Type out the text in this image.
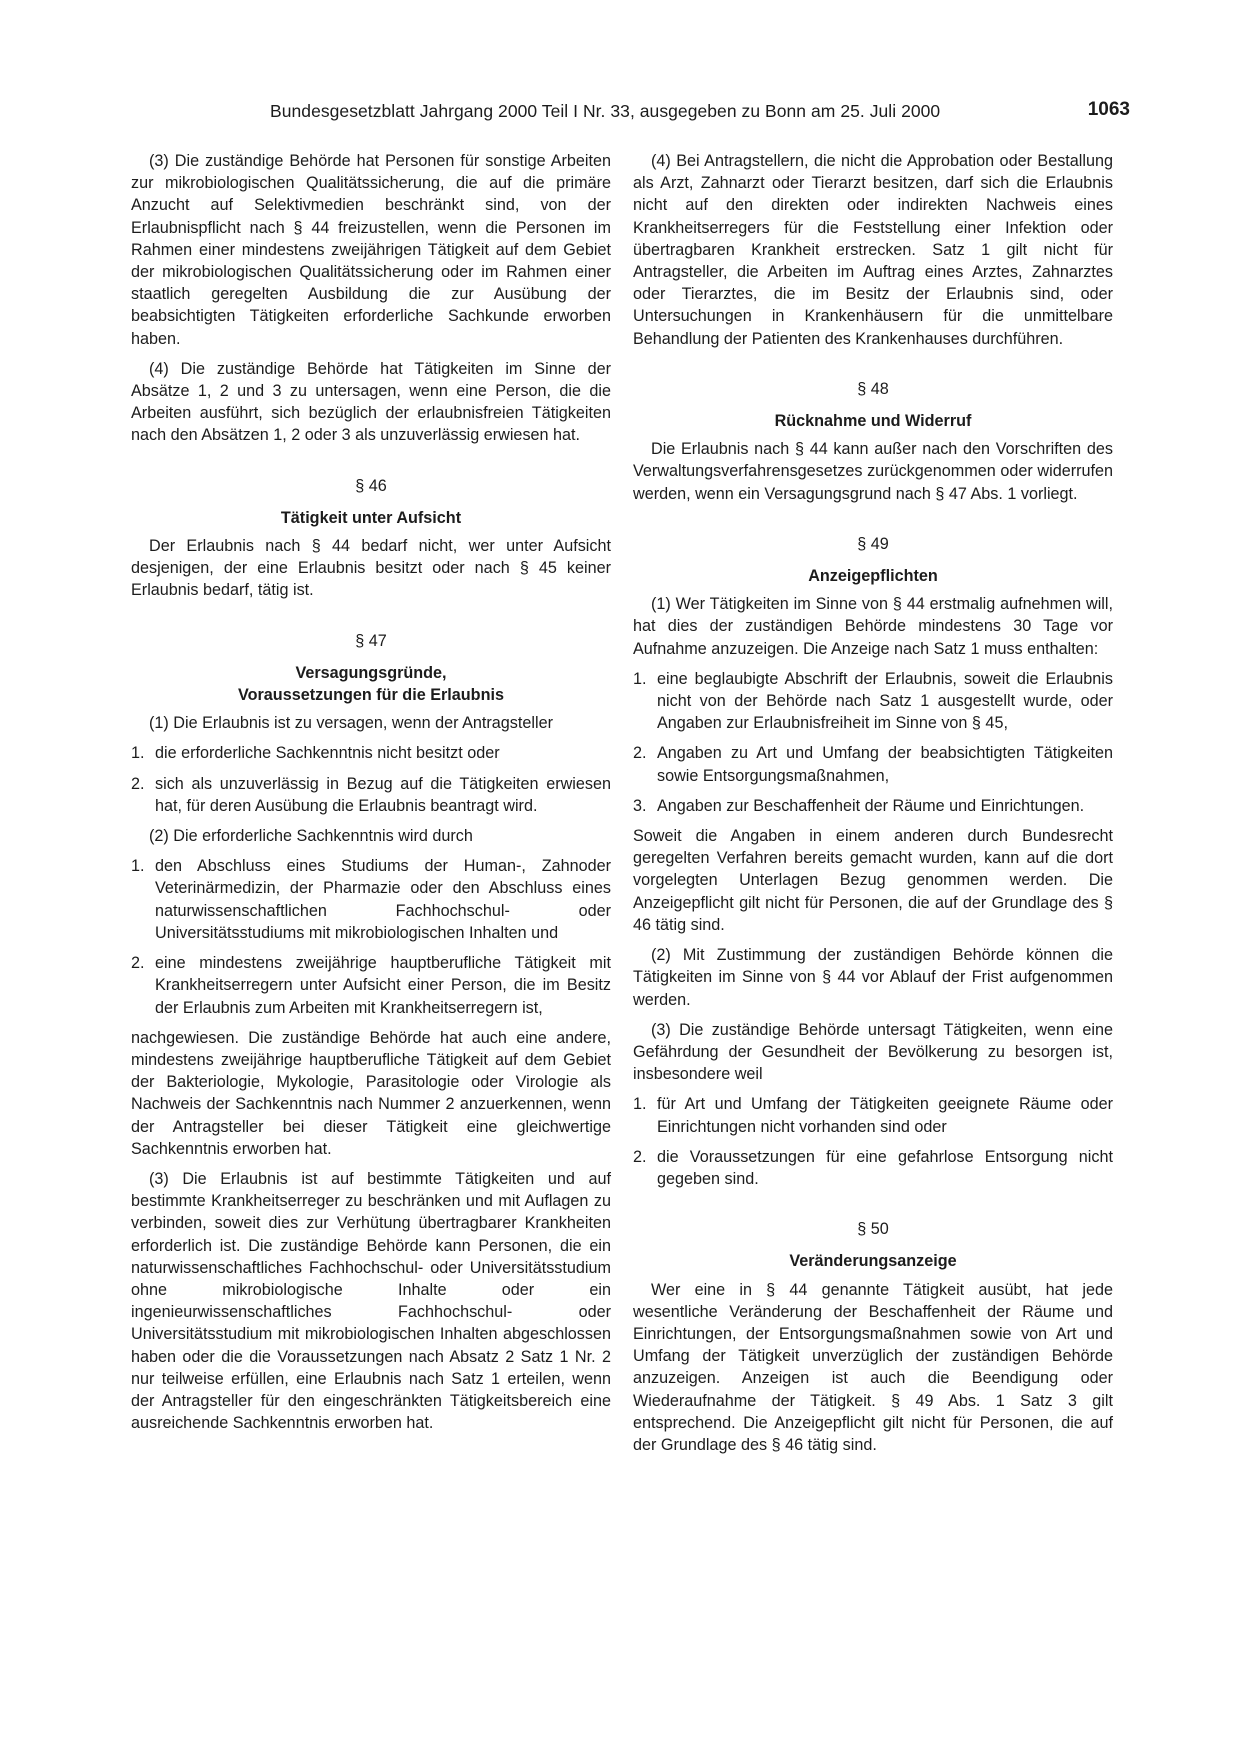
Bundesgesetzblatt Jahrgang 2000 Teil I Nr. 33, ausgegeben zu Bonn am 25. Juli 2000	1063

(3) Die zuständige Behörde hat Personen für sonstige Arbeiten zur mikrobiologischen Qualitätssicherung, die auf die primäre Anzucht auf Selektivmedien beschränkt sind, von der Erlaubnispflicht nach § 44 freizustellen, wenn die Personen im Rahmen einer mindestens zweijährigen Tätigkeit auf dem Gebiet der mikrobiologischen Qualitätssicherung oder im Rahmen einer staatlich geregelten Ausbildung die zur Ausübung der beabsichtigten Tätigkeiten erforderliche Sachkunde erworben haben.

(4) Die zuständige Behörde hat Tätigkeiten im Sinne der Absätze 1, 2 und 3 zu untersagen, wenn eine Person, die die Arbeiten ausführt, sich bezüglich der erlaubnisfreien Tätigkeiten nach den Absätzen 1, 2 oder 3 als unzuverlässig erwiesen hat.

§ 46
Tätigkeit unter Aufsicht

Der Erlaubnis nach § 44 bedarf nicht, wer unter Aufsicht desjenigen, der eine Erlaubnis besitzt oder nach § 45 keiner Erlaubnis bedarf, tätig ist.

§ 47
Versagungsgründe,
Voraussetzungen für die Erlaubnis

(1) Die Erlaubnis ist zu versagen, wenn der Antragsteller

1. die erforderliche Sachkenntnis nicht besitzt oder
2. sich als unzuverlässig in Bezug auf die Tätigkeiten erwiesen hat, für deren Ausübung die Erlaubnis beantragt wird.

(2) Die erforderliche Sachkenntnis wird durch

1. den Abschluss eines Studiums der Human-, Zahnoder Veterinärmedizin, der Pharmazie oder den Abschluss eines naturwissenschaftlichen Fachhochschul- oder Universitätsstudiums mit mikrobiologischen Inhalten und
2. eine mindestens zweijährige hauptberufliche Tätigkeit mit Krankheitserregern unter Aufsicht einer Person, die im Besitz der Erlaubnis zum Arbeiten mit Krankheitserregern ist,

nachgewiesen. Die zuständige Behörde hat auch eine andere, mindestens zweijährige hauptberufliche Tätigkeit auf dem Gebiet der Bakteriologie, Mykologie, Parasitologie oder Virologie als Nachweis der Sachkenntnis nach Nummer 2 anzuerkennen, wenn der Antragsteller bei dieser Tätigkeit eine gleichwertige Sachkenntnis erworben hat.

(3) Die Erlaubnis ist auf bestimmte Tätigkeiten und auf bestimmte Krankheitserreger zu beschränken und mit Auflagen zu verbinden, soweit dies zur Verhütung übertragbarer Krankheiten erforderlich ist. Die zuständige Behörde kann Personen, die ein naturwissenschaftliches Fachhochschul- oder Universitätsstudium ohne mikrobiologische Inhalte oder ein ingenieurwissenschaftliches Fachhochschul- oder Universitätsstudium mit mikrobiologischen Inhalten abgeschlossen haben oder die die Voraussetzungen nach Absatz 2 Satz 1 Nr. 2 nur teilweise erfüllen, eine Erlaubnis nach Satz 1 erteilen, wenn der Antragsteller für den eingeschränkten Tätigkeitsbereich eine ausreichende Sachkenntnis erworben hat.

(4) Bei Antragstellern, die nicht die Approbation oder Bestallung als Arzt, Zahnarzt oder Tierarzt besitzen, darf sich die Erlaubnis nicht auf den direkten oder indirekten Nachweis eines Krankheitserregers für die Feststellung einer Infektion oder übertragbaren Krankheit erstrecken. Satz 1 gilt nicht für Antragsteller, die Arbeiten im Auftrag eines Arztes, Zahnarztes oder Tierarztes, die im Besitz der Erlaubnis sind, oder Untersuchungen in Krankenhäusern für die unmittelbare Behandlung der Patienten des Krankenhauses durchführen.

§ 48
Rücknahme und Widerruf

Die Erlaubnis nach § 44 kann außer nach den Vorschriften des Verwaltungsverfahrensgesetzes zurückgenommen oder widerrufen werden, wenn ein Versagungsgrund nach § 47 Abs. 1 vorliegt.

§ 49
Anzeigepflichten

(1) Wer Tätigkeiten im Sinne von § 44 erstmalig aufnehmen will, hat dies der zuständigen Behörde mindestens 30 Tage vor Aufnahme anzuzeigen. Die Anzeige nach Satz 1 muss enthalten:

1. eine beglaubigte Abschrift der Erlaubnis, soweit die Erlaubnis nicht von der Behörde nach Satz 1 ausgestellt wurde, oder Angaben zur Erlaubnisfreiheit im Sinne von § 45,
2. Angaben zu Art und Umfang der beabsichtigten Tätigkeiten sowie Entsorgungsmaßnahmen,
3. Angaben zur Beschaffenheit der Räume und Einrichtungen.

Soweit die Angaben in einem anderen durch Bundesrecht geregelten Verfahren bereits gemacht wurden, kann auf die dort vorgelegten Unterlagen Bezug genommen werden. Die Anzeigepflicht gilt nicht für Personen, die auf der Grundlage des § 46 tätig sind.

(2) Mit Zustimmung der zuständigen Behörde können die Tätigkeiten im Sinne von § 44 vor Ablauf der Frist aufgenommen werden.

(3) Die zuständige Behörde untersagt Tätigkeiten, wenn eine Gefährdung der Gesundheit der Bevölkerung zu besorgen ist, insbesondere weil

1. für Art und Umfang der Tätigkeiten geeignete Räume oder Einrichtungen nicht vorhanden sind oder
2. die Voraussetzungen für eine gefahrlose Entsorgung nicht gegeben sind.
§ 50
Veränderungsanzeige

Wer eine in § 44 genannte Tätigkeit ausübt, hat jede wesentliche Veränderung der Beschaffenheit der Räume und Einrichtungen, der Entsorgungsmaßnahmen sowie von Art und Umfang der Tätigkeit unverzüglich der zuständigen Behörde anzuzeigen. Anzeigen ist auch die Beendigung oder Wiederaufnahme der Tätigkeit. § 49 Abs. 1 Satz 3 gilt entsprechend. Die Anzeigepflicht gilt nicht für Personen, die auf der Grundlage des § 46 tätig sind.
